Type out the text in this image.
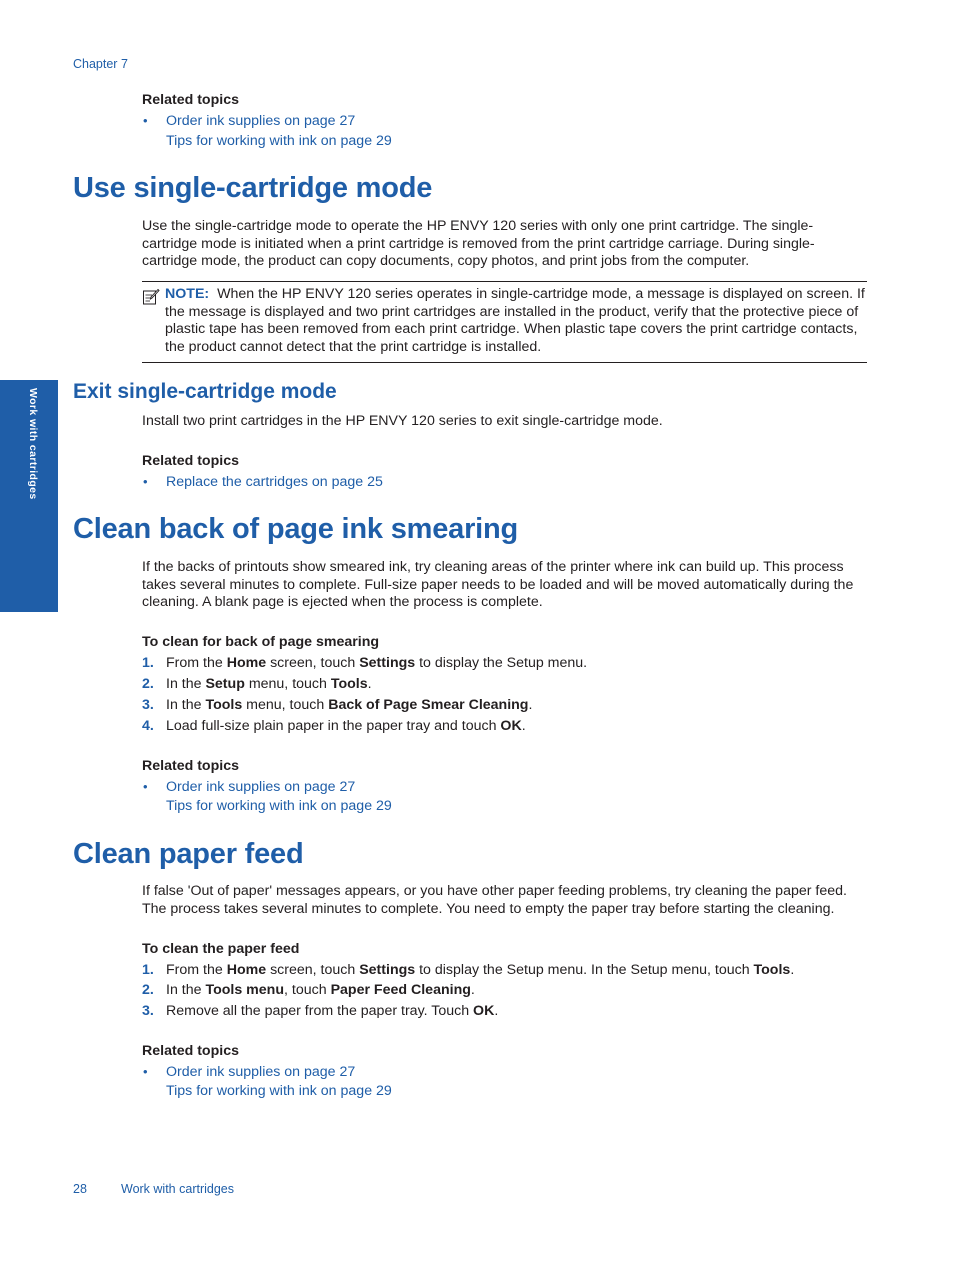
Chapter 7
Work with cartridges
Related topics
• Order ink supplies on page 27
Tips for working with ink on page 29
Use single-cartridge mode
Use the single-cartridge mode to operate the HP ENVY 120 series with only one print cartridge. The single-cartridge mode is initiated when a print cartridge is removed from the print cartridge carriage. During single-cartridge mode, the product can copy documents, copy photos, and print jobs from the computer.
NOTE: When the HP ENVY 120 series operates in single-cartridge mode, a message is displayed on screen. If the message is displayed and two print cartridges are installed in the product, verify that the protective piece of plastic tape has been removed from each print cartridge. When plastic tape covers the print cartridge contacts, the product cannot detect that the print cartridge is installed.
Exit single-cartridge mode
Install two print cartridges in the HP ENVY 120 series to exit single-cartridge mode.
Related topics
• Replace the cartridges on page 25
Clean back of page ink smearing
If the backs of printouts show smeared ink, try cleaning areas of the printer where ink can build up. This process takes several minutes to complete. Full-size paper needs to be loaded and will be moved automatically during the cleaning. A blank page is ejected when the process is complete.
To clean for back of page smearing
1. From the Home screen, touch Settings to display the Setup menu.
2. In the Setup menu, touch Tools.
3. In the Tools menu, touch Back of Page Smear Cleaning.
4. Load full-size plain paper in the paper tray and touch OK.
Related topics
• Order ink supplies on page 27
Tips for working with ink on page 29
Clean paper feed
If false 'Out of paper' messages appears, or you have other paper feeding problems, try cleaning the paper feed. The process takes several minutes to complete. You need to empty the paper tray before starting the cleaning.
To clean the paper feed
1. From the Home screen, touch Settings to display the Setup menu. In the Setup menu, touch Tools.
2. In the Tools menu, touch Paper Feed Cleaning.
3. Remove all the paper from the paper tray. Touch OK.
Related topics
• Order ink supplies on page 27
Tips for working with ink on page 29
28	Work with cartridges
